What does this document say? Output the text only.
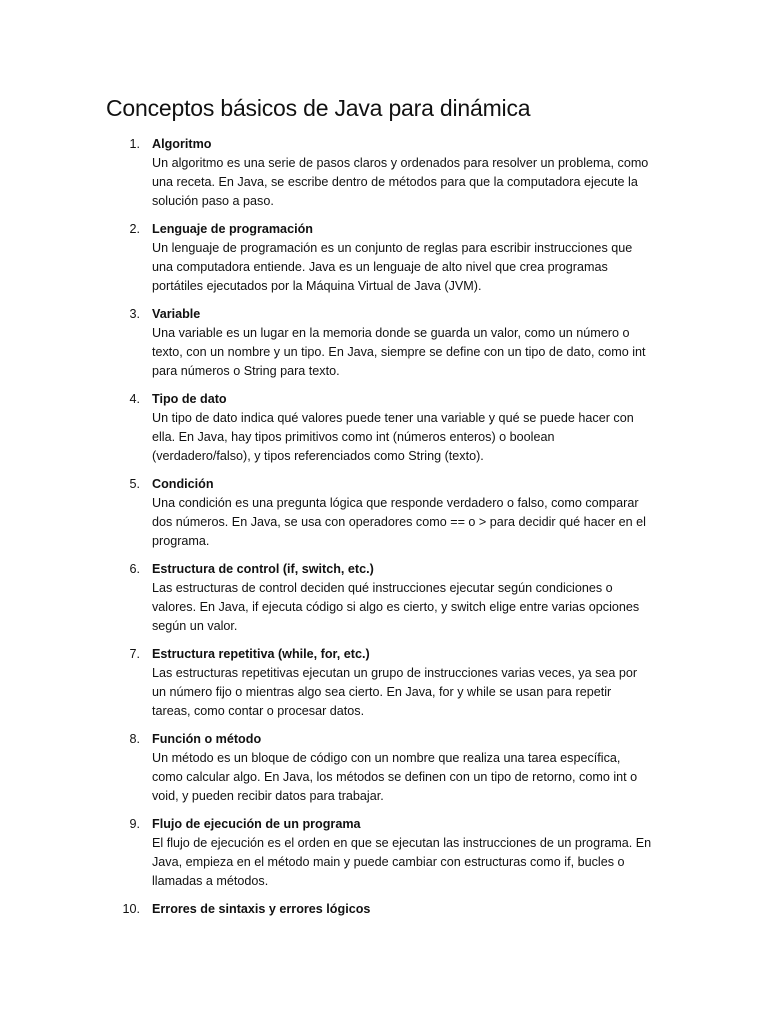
Conceptos básicos de Java para dinámica
1. Algoritmo
Un algoritmo es una serie de pasos claros y ordenados para resolver un problema, como una receta. En Java, se escribe dentro de métodos para que la computadora ejecute la solución paso a paso.
2. Lenguaje de programación
Un lenguaje de programación es un conjunto de reglas para escribir instrucciones que una computadora entiende. Java es un lenguaje de alto nivel que crea programas portátiles ejecutados por la Máquina Virtual de Java (JVM).
3. Variable
Una variable es un lugar en la memoria donde se guarda un valor, como un número o texto, con un nombre y un tipo. En Java, siempre se define con un tipo de dato, como int para números o String para texto.
4. Tipo de dato
Un tipo de dato indica qué valores puede tener una variable y qué se puede hacer con ella. En Java, hay tipos primitivos como int (números enteros) o boolean (verdadero/falso), y tipos referenciados como String (texto).
5. Condición
Una condición es una pregunta lógica que responde verdadero o falso, como comparar dos números. En Java, se usa con operadores como == o > para decidir qué hacer en el programa.
6. Estructura de control (if, switch, etc.)
Las estructuras de control deciden qué instrucciones ejecutar según condiciones o valores. En Java, if ejecuta código si algo es cierto, y switch elige entre varias opciones según un valor.
7. Estructura repetitiva (while, for, etc.)
Las estructuras repetitivas ejecutan un grupo de instrucciones varias veces, ya sea por un número fijo o mientras algo sea cierto. En Java, for y while se usan para repetir tareas, como contar o procesar datos.
8. Función o método
Un método es un bloque de código con un nombre que realiza una tarea específica, como calcular algo. En Java, los métodos se definen con un tipo de retorno, como int o void, y pueden recibir datos para trabajar.
9. Flujo de ejecución de un programa
El flujo de ejecución es el orden en que se ejecutan las instrucciones de un programa. En Java, empieza en el método main y puede cambiar con estructuras como if, bucles o llamadas a métodos.
10. Errores de sintaxis y errores lógicos
